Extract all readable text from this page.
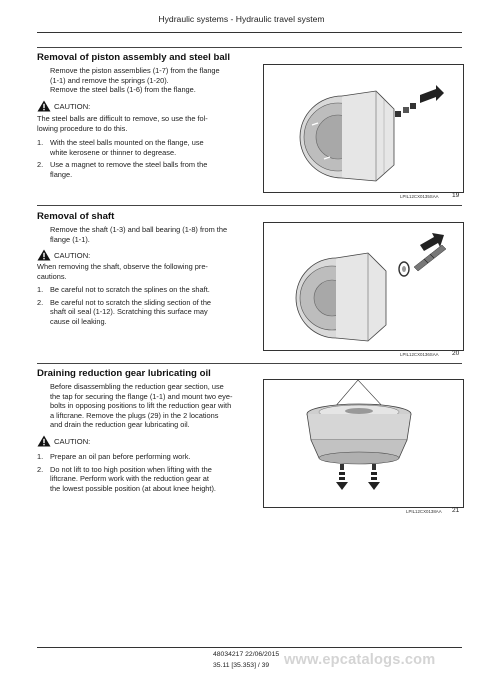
Hydraulic systems - Hydraulic travel system
Removal of piston assembly and steel ball
Remove the piston assemblies (1-7) from the flange
(1-1) and remove the springs (1-20).
Remove the steel balls (1-6) from the flange.
CAUTION:
The steel balls are difficult to remove, so use the fol-
lowing procedure to do this.
1. With the steel balls mounted on the flange, use
white kerosene or thinner to degrease.
2. Use a magnet to remove the steel balls from the
flange.
LPIL12CX0135SAA 19
Removal of shaft
Remove the shaft (1-3) and ball bearing (1-8) from the
flange (1-1).
CAUTION:
When removing the shaft, observe the following pre-
cautions.
1. Be careful not to scratch the splines on the shaft.
2. Be careful not to scratch the sliding section of the
shaft oil seal (1-12). Scratching this surface may
cause oil leaking.
LPIL12CX0136SAA 20
Draining reduction gear lubricating oil
Before disassembling the reduction gear section, use
the tap for securing the flange (1-1) and mount two eye-
bolts in opposing positions to lift the reduction gear with
a liftcrane. Remove the plugs (29) in the 2 locations
and drain the reduction gear lubricating oil.
CAUTION:
1. Prepare an oil pan before performing work.
2. Do not lift to too high position when lifting with the
liftcrane. Perform work with the reduction gear at
the lowest possible position (at about knee height).
LPIL12CX0138AA 21
48034217 22/06/2015
35.11 [35.353] / 39 www.epcatalogs.com
